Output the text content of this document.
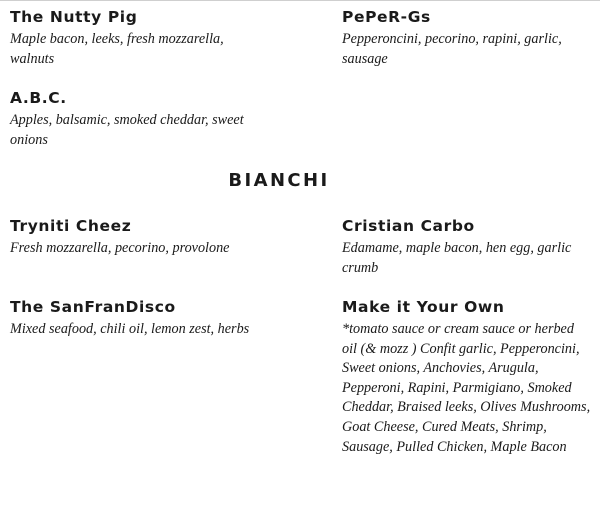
The Nutty Pig
Maple bacon, leeks, fresh mozzarella, walnuts
PePeR-Gs
Pepperoncini, pecorino, rapini, garlic, sausage
A.B.C.
Apples, balsamic, smoked cheddar, sweet onions
BIANCHI
Tryniti Cheez
Fresh mozzarella, pecorino, provolone
Cristian Carbo
Edamame, maple bacon, hen egg, garlic crumb
The SanFranDisco
Mixed seafood, chili oil, lemon zest, herbs
Make it Your Own
*tomato sauce or cream sauce or herbed oil (& mozz ) Confit garlic, Pepperoncini, Sweet onions, Anchovies, Arugula, Pepperoni, Rapini, Parmigiano, Smoked Cheddar, Braised leeks, Olives Mushrooms, Goat Cheese, Cured Meats, Shrimp, Sausage, Pulled Chicken, Maple Bacon
